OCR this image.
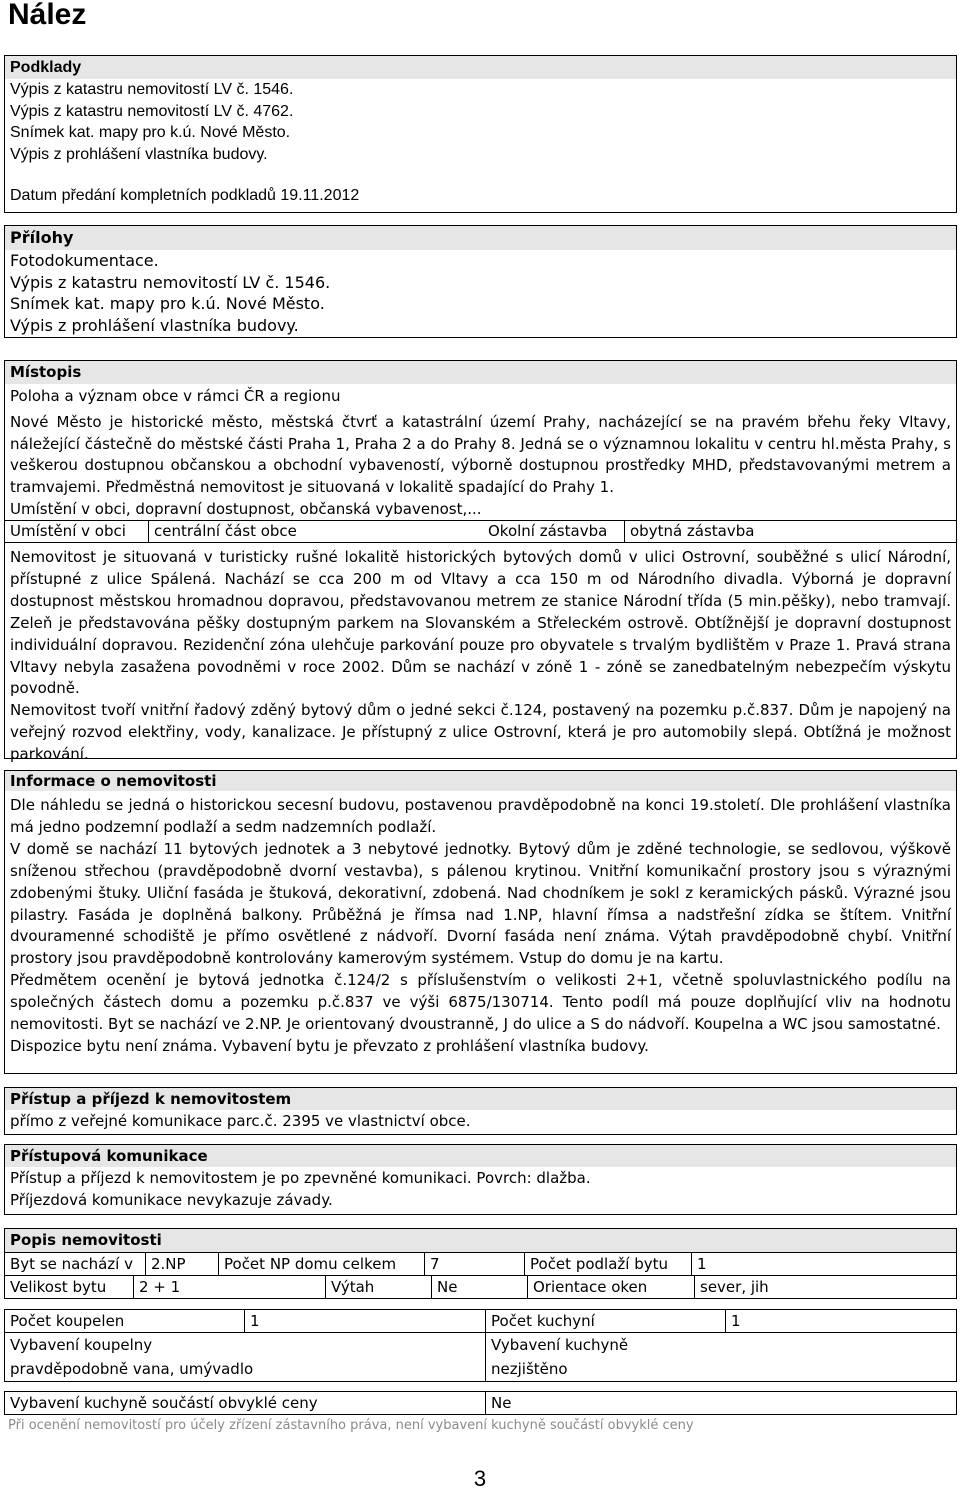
Nález
Podklady
Výpis z katastru nemovitostí LV č. 1546.
Výpis z katastru nemovitostí LV č. 4762.
Snímek kat. mapy pro k.ú. Nové Město.
Výpis z prohlášení vlastníka budovy.
Datum předání kompletních podkladů 19.11.2012
Přílohy
Fotodokumentace.
Výpis z katastru nemovitostí LV č. 1546.
Snímek kat. mapy pro k.ú. Nové Město.
Výpis z prohlášení vlastníka budovy.
Místopis
Poloha a význam obce v rámci ČR a regionu
Nové Město je historické město, městská čtvrť a katastrální území Prahy, nacházející se na pravém břehu řeky Vltavy, náležející částečně do městské části Praha 1, Praha 2 a do Prahy 8. Jedná se o významnou lokalitu v centru hl.města Prahy, s veškerou dostupnou občanskou a obchodní vybaveností, výborně dostupnou prostředky MHD, představovanými metrem a tramvajemi. Předměstná nemovitost je situovaná v lokalitě spadající do Prahy 1.
Umístění v obci, dopravní dostupnost, občanská vybavenost,...
Umístění v obci	centrální část obce	Okolní zástavba	obytná zástavba
Nemovitost je situovaná v turisticky rušné lokalitě historických bytových domů v ulici Ostrovní, souběžné s ulicí Národní, přístupné z ulice Spálená. Nachází se cca 200 m od Vltavy a cca 150 m od Národního divadla. Výborná je dopravní dostupnost městskou hromadnou dopravou, představovanou metrem ze stanice Národní třída (5 min.pěšky), nebo tramvají. Zeleň je představována pěšky dostupným parkem na Slovanském a Střeleckém ostrově. Obtížnější je dopravní dostupnost individuální dopravou. Rezidenční zóna ulehčuje parkování pouze pro obyvatele s trvalým bydlištěm v Praze 1. Pravá strana Vltavy nebyla zasažena povodněmi v roce 2002. Dům se nachází v zóně 1 - zóně se zanedbatelným nebezpečím výskytu povodně.
Nemovitost tvoří vnitřní řadový zděný bytový dům o jedné sekci č.124, postavený na pozemku p.č.837. Dům je napojený na veřejný rozvod elektřiny, vody, kanalizace. Je přístupný z ulice Ostrovní, která je pro automobily slepá. Obtížná je možnost parkování.
Informace o nemovitosti
Dle náhledu se jedná o historickou secesní budovu, postavenou pravděpodobně na konci 19.století. Dle prohlášení vlastníka má jedno podzemní podlaží a sedm nadzemních podlaží.
V domě se nachází 11 bytových jednotek a 3 nebytové jednotky. Bytový dům je zděné technologie, se sedlovou, výškově sníženou střechou (pravděpodobně dvorní vestavba), s pálenou krytinou. Vnitřní komunikační prostory jsou s výraznými zdobenými štuky. Uliční fasáda je štuková, dekorativní, zdobená. Nad chodníkem je sokl z keramických pásků. Výrazné jsou pilastry. Fasáda je doplněná balkony. Průběžná je římsa nad 1.NP, hlavní římsa a nadstřešní zídka se štítem. Vnitřní dvouramenné schodiště je přímo osvětlené z nádvoří. Dvorní fasáda není známa. Výtah pravděpodobně chybí. Vnitřní prostory jsou pravděpodobně kontrolovány kamerovým systémem. Vstup do domu je na kartu.
Předmětem ocenění je bytová jednotka č.124/2 s příslušenstvím o velikosti 2+1, včetně spoluvlastnického podílu na společných částech domu a pozemku p.č.837 ve výši 6875/130714. Tento podíl má pouze doplňující vliv na hodnotu nemovitosti. Byt se nachází ve 2.NP. Je orientovaný dvoustranně, J do ulice a S do nádvoří. Koupelna a WC jsou samostatné.
Dispozice bytu není známa. Vybavení bytu je převzato z prohlášení vlastníka budovy.
Přístup a příjezd k nemovitostem
přímo z veřejné komunikace parc.č. 2395 ve vlastnictví obce.
Přístupová komunikace
Přístup a příjezd k nemovitostem je po zpevněné komunikaci. Povrch: dlažba.
Příjezdová komunikace nevykazuje závady.
Popis nemovitosti
Byt se nachází v	2.NP	Počet NP domu celkem	7	Počet podlaží bytu	1
Velikost bytu	2 + 1	Výtah	Ne	Orientace oken	sever, jih
Počet koupelen	1
Vybavení koupelny
pravděpodobně vana, umývadlo
Počet kuchyní	1
Vybavení kuchyně
nezjištěno
Vybavení kuchyně součástí obvyklé ceny	Ne
Při ocenění nemovitostí pro účely zřízení zástavního práva, není vybavení kuchyně součástí obvyklé ceny
3
